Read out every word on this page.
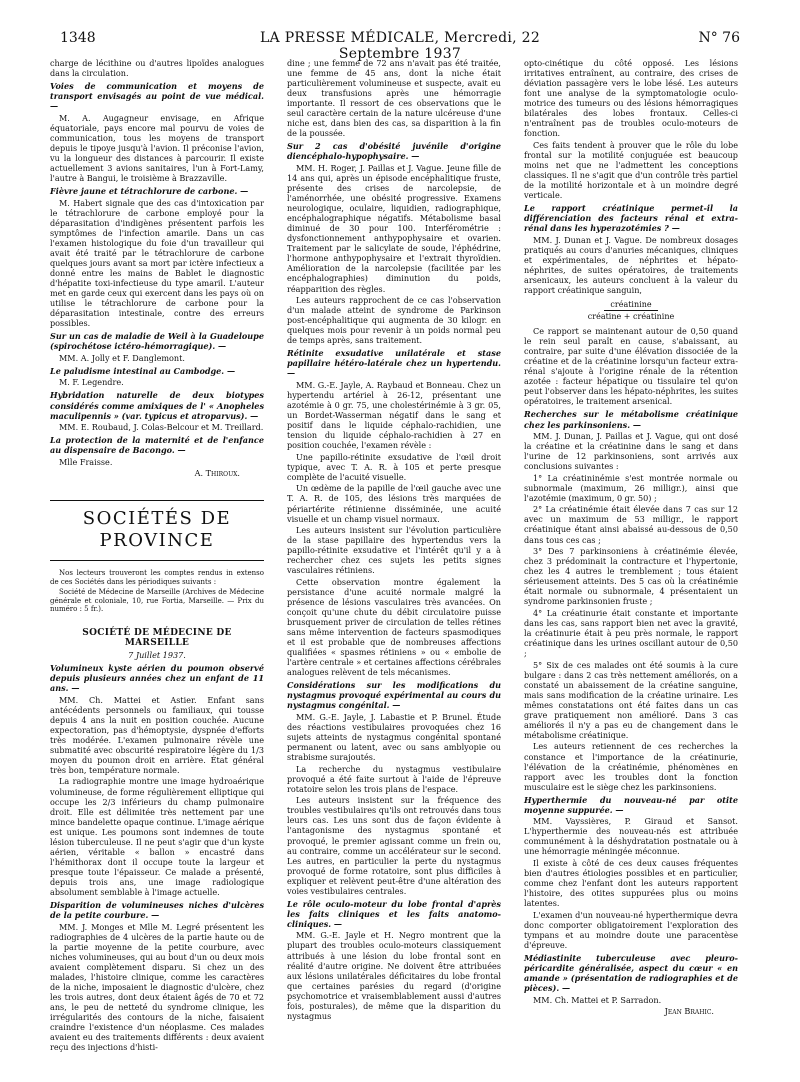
1348	LA PRESSE MÉDICALE, Mercredi, 22 Septembre 1937
N° 76

charge de lécithine ou d'autres lipoïdes analogues dans la circulation.

Voies de communication et moyens de transport envisagés au point de vue médical. —

M. A. Augagneur envisage, en Afrique équatoriale, pays encore mal pourvu de voies de communication, tous les moyens de transport depuis le tipoye jusqu'à l'avion. Il préconise l'avion, vu la longueur des distances à parcourir. Il existe actuellement 3 avions sanitaires, l'un à Fort-Lamy, l'autre à Bangui, le troisième à Brazzaville.

Fièvre jaune et tétrachlorure de carbone. —

M. Habert signale que des cas d'intoxication par le tétrachlorure de carbone employé pour la déparasitation d'indigènes présentent parfois les symptômes de l'infection amarile. Dans un cas l'examen histologique du foie d'un travailleur qui avait été traité par le tétrachlorure de carbone quelques jours avant sa mort par ictère infectieux a donné entre les mains de Bablet le diagnostic d'hépatite toxi-infectieuse du type amaril. L'auteur met en garde ceux qui exercent dans les pays où on utilise le tétrachlorure de carbone pour la déparasitation intestinale, contre des erreurs possibles.

Sur un cas de maladie de Weil à la Guadeloupe (spirochétose ictéro-hémorragique). —

MM. A. Jolly et F. Danglemont.

Le paludisme intestinal au Cambodge. —

M. F. Legendre.

Hybridation naturelle de deux biotypes considérés comme amixiques de l' « Anopheles maculipennis » (var. typicus et atroparvus). —

MM. E. Roubaud, J. Colas-Belcour et M. Treillard.

La protection de la maternité et de l'enfance au dispensaire de Bacongo. —

Mlle Fraisse.

A. Thiroux.

SOCIÉTÉS DE PROVINCE

Nos lecteurs trouveront les comptes rendus in extenso de ces Sociétés dans les périodiques suivants :

Société de Médecine de Marseille (Archives de Médecine générale et coloniale, 10, rue Fortia, Marseille. — Prix du numéro : 5 fr.).

SOCIÉTÉ DE MÉDECINE DE MARSEILLE
7 Juillet 1937.

Volumineux kyste aérien du poumon observé depuis plusieurs années chez un enfant de 11 ans. —

MM. Ch. Mattei et Astier. Enfant sans antécédents personnels ou familiaux, qui tousse depuis 4 ans la nuit en position couchée. Aucune expectoration, pas d'hémoptysie, dyspnée d'efforts très modérée. L'examen pulmonaire révèle une submatité avec obscurité respiratoire légère du 1/3 moyen du poumon droit en arrière. État général très bon, température normale.

La radiographie montre une image hydroaérique volumineuse, de forme régulièrement elliptique qui occupe les 2/3 inférieurs du champ pulmonaire droit. Elle est délimitée très nettement par une mince bandelette opaque continue. L'image aérique est unique. Les poumons sont indemnes de toute lésion tuberculeuse. Il ne peut s'agir que d'un kyste aérien, véritable « ballon » encastré dans l'hémithorax dont il occupe toute la largeur et presque toute l'épaisseur. Ce malade a présenté, depuis trois ans, une image radiologique absolument semblable à l'image actuelle.

Disparition de volumineuses niches d'ulcères de la petite courbure. —

MM. J. Monges et Mlle M. Legré présentent les radiographies de 4 ulcères de la partie haute ou de la partie moyenne de la petite courbure, avec niches volumineuses, qui au bout d'un ou deux mois avaient complètement disparu. Si chez un des malades, l'histoire clinique, comme les caractères de la niche, imposaient le diagnostic d'ulcère, chez les trois autres, dont deux étaient âgés de 70 et 72 ans, le peu de netteté du syndrome clinique, les irrégularités des contours de la niche, faisaient craindre l'existence d'un néoplasme. Ces malades avaient eu des traitements différents : deux avaient reçu des injections d'histi-

dine ; une femme de 72 ans n'avait pas été traitée, une femme de 45 ans, dont la niche était particulièrement volumineuse et suspecte, avait eu deux transfusions après une hémorragie importante. Il ressort de ces observations que le seul caractère certain de la nature ulcéreuse d'une niche est, dans bien des cas, sa disparition à la fin de la poussée.

Sur 2 cas d'obésité juvénile d'origine diencéphalo-hypophysaire. —

MM. H. Roger, J. Paillas et J. Vague. Jeune fille de 14 ans qui, après un épisode encéphalitique fruste, présente des crises de narcolepsie, de l'aménorrhée, une obésité progressive. Examens neurologique, oculaire, liquidien, radiographique, encéphalographique négatifs. Métabolisme basal diminué de 30 pour 100. Interférométrie : dysfonctionnement anthypophysaire et ovarien. Traitement par le salicylate de soude, l'éphédrine, l'hormone anthypophysaire et l'extrait thyroïdien. Amélioration de la narcolepsie (facilitée par les encéphalographies) diminution du poids, réapparition des règles.

Les auteurs rapprochent de ce cas l'observation d'un malade atteint de syndrome de Parkinson post-encéphalitique qui augmenta de 30 kilogr. en quelques mois pour revenir à un poids normal peu de temps après, sans traitement.

Rétinite exsudative unilatérale et stase papillaire hétéro-latérale chez un hypertendu. —

MM. G.-E. Jayle, A. Raybaud et Bonneau. Chez un hypertendu artériel à 26-12, présentant une azotémie à 0 gr. 75, une cholestérinémie à 3 gr. 05, un Bordet-Wasserman négatif dans le sang et positif dans le liquide céphalo-rachidien, une tension du liquide céphalo-rachidien à 27 en position couchée, l'examen révèle :

Une papillo-rétinite exsudative de l'œil droit typique, avec T. A. R. à 105 et perte presque complète de l'acuité visuelle.

Un œdème de la papille de l'œil gauche avec une T. A. R. de 105, des lésions très marquées de périartérite rétinienne disséminée, une acuité visuelle et un champ visuel normaux.

Les auteurs insistent sur l'évolution particulière de la stase papillaire des hypertendus vers la papillo-rétinite exsudative et l'intérêt qu'il y a à rechercher chez ces sujets les petits signes vasculaires rétiniens.

Cette observation montre également la persistance d'une acuité normale malgré la présence de lésions vasculaires très avancées. On conçoit qu'une chute du débit circulatoire puisse brusquement priver de circulation de telles rétines sans même intervention de facteurs spasmodiques et il est probable que de nombreuses affections qualifiées « spasmes rétiniens » ou « embolie de l'artère centrale » et certaines affections cérébrales analogues relèvent de tels mécanismes.

Considérations sur les modifications du nystagmus provoqué expérimental au cours du nystagmus congénital. —

MM. G.-E. Jayle, J. Labastie et P. Brunel. Étude des réactions vestibulaires provoquées chez 16 sujets atteints de nystagmus congénital spontané permanent ou latent, avec ou sans amblyopie ou strabisme surajoutés.

La recherche du nystagmus vestibulaire provoqué a été faite surtout à l'aide de l'épreuve rotatoire selon les trois plans de l'espace.

Les auteurs insistent sur la fréquence des troubles vestibulaires qu'ils ont retrouvés dans tous leurs cas. Les uns sont dus de façon évidente à l'antagonisme des nystagmus spontané et provoqué, le premier agissant comme un frein ou, au contraire, comme un accélérateur sur le second. Les autres, en particulier la perte du nystagmus provoqué de forme rotatoire, sont plus difficiles à expliquer et relèvent peut-être d'une altération des voies vestibulaires centrales.

Le rôle oculo-moteur du lobe frontal d'après les faits cliniques et les faits anatomo-cliniques. —

MM. G.-E. Jayle et H. Negro montrent que la plupart des troubles oculo-moteurs classiquement attribués à une lésion du lobe frontal sont en réalité d'autre origine. Ne doivent être attribuées aux lésions unilatérales déficitaires du lobe frontal que certaines parésies du regard (d'origine psychomotrice et vraisemblablement aussi d'autres fois, posturales), de même que la disparition du nystagmus

opto-cinétique du côté opposé. Les lésions irritatives entraînent, au contraire, des crises de déviation passagère vers le lobe lésé. Les auteurs font une analyse de la symptomatologie oculo-motrice des tumeurs ou des lésions hémorragiques bilatérales des lobes frontaux. Celles-ci n'entraînent pas de troubles oculo-moteurs de fonction.

Ces faits tendent à prouver que le rôle du lobe frontal sur la motilité conjuguée est beaucoup moins net que ne l'admettent les conceptions classiques. Il ne s'agit que d'un contrôle très partiel de la motilité horizontale et à un moindre degré verticale.

Le rapport créatinique permet-il la différenciation des facteurs rénal et extra-rénal dans les hyperazotémies ? —

MM. J. Dunan et J. Vague. De nombreux dosages pratiqués au cours d'anuries mécaniques, cliniques et expérimentales, de néphrites et hépato-néphrites, de suites opératoires, de traitements arsenicaux, les auteurs concluent à la valeur du rapport créatinique sanguin,

créatinine
créatine + créatinine

Ce rapport se maintenant autour de 0,50 quand le rein seul paraît en cause, s'abaissant, au contraire, par suite d'une élévation dissociée de la créatine et de la créatinine lorsqu'un facteur extra-rénal s'ajoute à l'origine rénale de la rétention azotée : facteur hépatique ou tissulaire tel qu'on peut l'observer dans les hépato-néphrites, les suites opératoires, le traitement arsenical.

Recherches sur le métabolisme créatinique chez les parkinsoniens. —

MM. J. Dunan, J. Paillas et J. Vague, qui ont dosé la créatine et la créatinine dans le sang et dans l'urine de 12 parkinsoniens, sont arrivés aux conclusions suivantes :

1° La créatininémie s'est montrée normale ou subnormale (maximum, 26 milligr.), ainsi que l'azotémie (maximum, 0 gr. 50) ;

2° La créatinémie était élevée dans 7 cas sur 12 avec un maximum de 53 milligr., le rapport créatinique étant ainsi abaissé au-dessous de 0,50 dans tous ces cas ;

3° Des 7 parkinsoniens à créatinémie élevée, chez 3 prédominait la contracture et l'hypertonie, chez les 4 autres le tremblement ; tous étaient sérieusement atteints. Des 5 cas où la créatinémie était normale ou subnormale, 4 présentaient un syndrome parkinsonien fruste ;

4° La créatinurie était constante et importante dans les cas, sans rapport bien net avec la gravité, la créatinurie était à peu près normale, le rapport créatinique dans les urines oscillant autour de 0,50 ;

5° Six de ces malades ont été soumis à la cure bulgare : dans 2 cas très nettement améliorés, on a constaté un abaissement de la créatine sanguine, mais sans modification de la créatine urinaire. Les mêmes constatations ont été faites dans un cas grave pratiquement non amélioré. Dans 3 cas améliorés il n'y a pas eu de changement dans le métabolisme créatinique.

Les auteurs retiennent de ces recherches la constance et l'importance de la créatinurie, l'élévation de la créatinémie, phénomènes en rapport avec les troubles dont la fonction musculaire est le siège chez les parkinsoniens.

Hyperthermie du nouveau-né par otite moyenne suppurée. —

MM. Vayssières, P. Giraud et Sansot. L'hyperthermie des nouveau-nés est attribuée communément à la déshydratation postnatale ou à une hémorragie méningée méconnue.

Il existe à côté de ces deux causes fréquentes bien d'autres étiologies possibles et en particulier, comme chez l'enfant dont les auteurs rapportent l'histoire, des otites suppurées plus ou moins latentes.

L'examen d'un nouveau-né hyperthermique devra donc comporter obligatoirement l'exploration des tympans et au moindre doute une paracentèse d'épreuve.

Médiastinite tuberculeuse avec pleuro-péricardite généralisée, aspect du cœur « en amande » (présentation de radiographies et de pièces). —

MM. Ch. Mattei et P. Sarradon.

Jean Brahic.
